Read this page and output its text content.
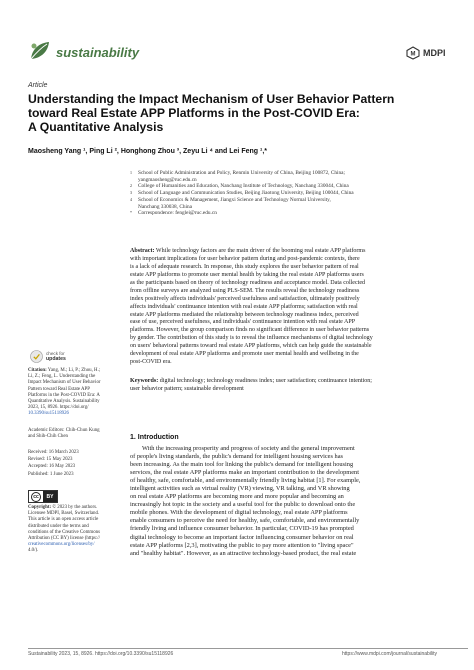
sustainability	M MDPI
Article
Understanding the Impact Mechanism of User Behavior Pattern
toward Real Estate APP Platforms in the Post-COVID Era:
A Quantitative Analysis
Maosheng Yang ¹, Ping Li ², Honghong Zhou ³, Zeyu Li ⁴ and Lei Feng ¹,*
1	School of Public Administration and Policy, Renmin University of China, Beijing 100872, China;
yangmaosheng@ruc.edu.cn
2	College of Humanities and Education, Nanchang Institute of Technology, Nanchang 330044, China
3	School of Language and Communication Studies, Beijing Jiaotong University, Beijing 100044, China
4	School of Economics & Management, Jiangxi Science and Technology Normal University,
Nanchang 330038, China
*	Correspondence: fenglei@ruc.edu.cn
Abstract: While technology factors are the main driver of the booming real estate APP platforms
with important implications for user behavior pattern during and post-pandemic contexts, there
is a lack of adequate research. In response, this study explores the user behavior pattern of real
estate APP platforms to promote user mental health by taking the real estate APP platforms users
as the participants based on theory of technology readiness and acceptance model. Data collected
from offline surveys are analyzed using PLS-SEM. The results reveal the technology readiness
index positively affects individuals' perceived usefulness and satisfaction, ultimately positively
affects individuals' continuance intention with real estate APP platforms; satisfaction with real
estate APP platforms mediated the relationship between technology readiness index, perceived
ease of use, perceived usefulness, and individuals' continuance intention with real estate APP
platforms. However, the group comparison finds no significant difference in user behavior patterns
by gender. The contribution of this study is to reveal the influence mechanisms of digital technology
on users' behavioral patterns toward real estate APP platforms, which can help guide the sustainable
development of real estate APP platforms and promote user mental health and wellbeing in the
post-COVID era.
Keywords: digital technology; technology readiness index; user satisfaction; continuance intention;
user behavior pattern; sustainable development
check for
updates
Citation: Yang, M.; Li, P.; Zhou, H.;
Li, Z.; Feng, L. Understanding the
Impact Mechanism of User Behavior
Pattern toward Real Estate APP
Platforms in the Post-COVID Era: A
Quantitative Analysis. Sustainability
2023, 15, 8926. https://doi.org/
10.3390/su15118926
Academic Editors: Chih-Chun Kung
and Shih-Chih Chen
Received: 16 March 2023
Revised: 15 May 2023
Accepted: 16 May 2023
Published: 1 June 2023
cc	BY
Copyright: © 2023 by the authors.
Licensee MDPI, Basel, Switzerland.
This article is an open access article
distributed under the terms and
conditions of the Creative Commons
Attribution (CC BY) license (https://
creativecommons.org/licenses/by/
4.0/).
1. Introduction
With the increasing prosperity and progress of society and the general improvement
of people's living standards, the public's demand for intelligent housing services has
been increasing. As the main tool for linking the public's demand for intelligent housing
services, the real estate APP platforms make an important contribution to the development
of healthy, safe, comfortable, and environmentally friendly living habitat [1]. For example,
intelligent activities such as virtual reality (VR) viewing, VR talking, and VR showing
on real estate APP platforms are becoming more and more popular and becoming an
increasingly hot topic in the society and a useful tool for the public to download onto the
mobile phones. With the development of digital technology, real estate APP platforms
enable consumers to perceive the need for healthy, safe, comfortable, and environmentally
friendly living and influence consumer behavior. In particular, COVID-19 has prompted
digital technology to become an important factor influencing consumer behavior on real
estate APP platforms [2,3], motivating the public to pay more attention to "living space"
and "healthy habitat". However, as an attractive technology-based product, the real estate
Sustainability 2023, 15, 8926. https://doi.org/10.3390/su15118926	https://www.mdpi.com/journal/sustainability
